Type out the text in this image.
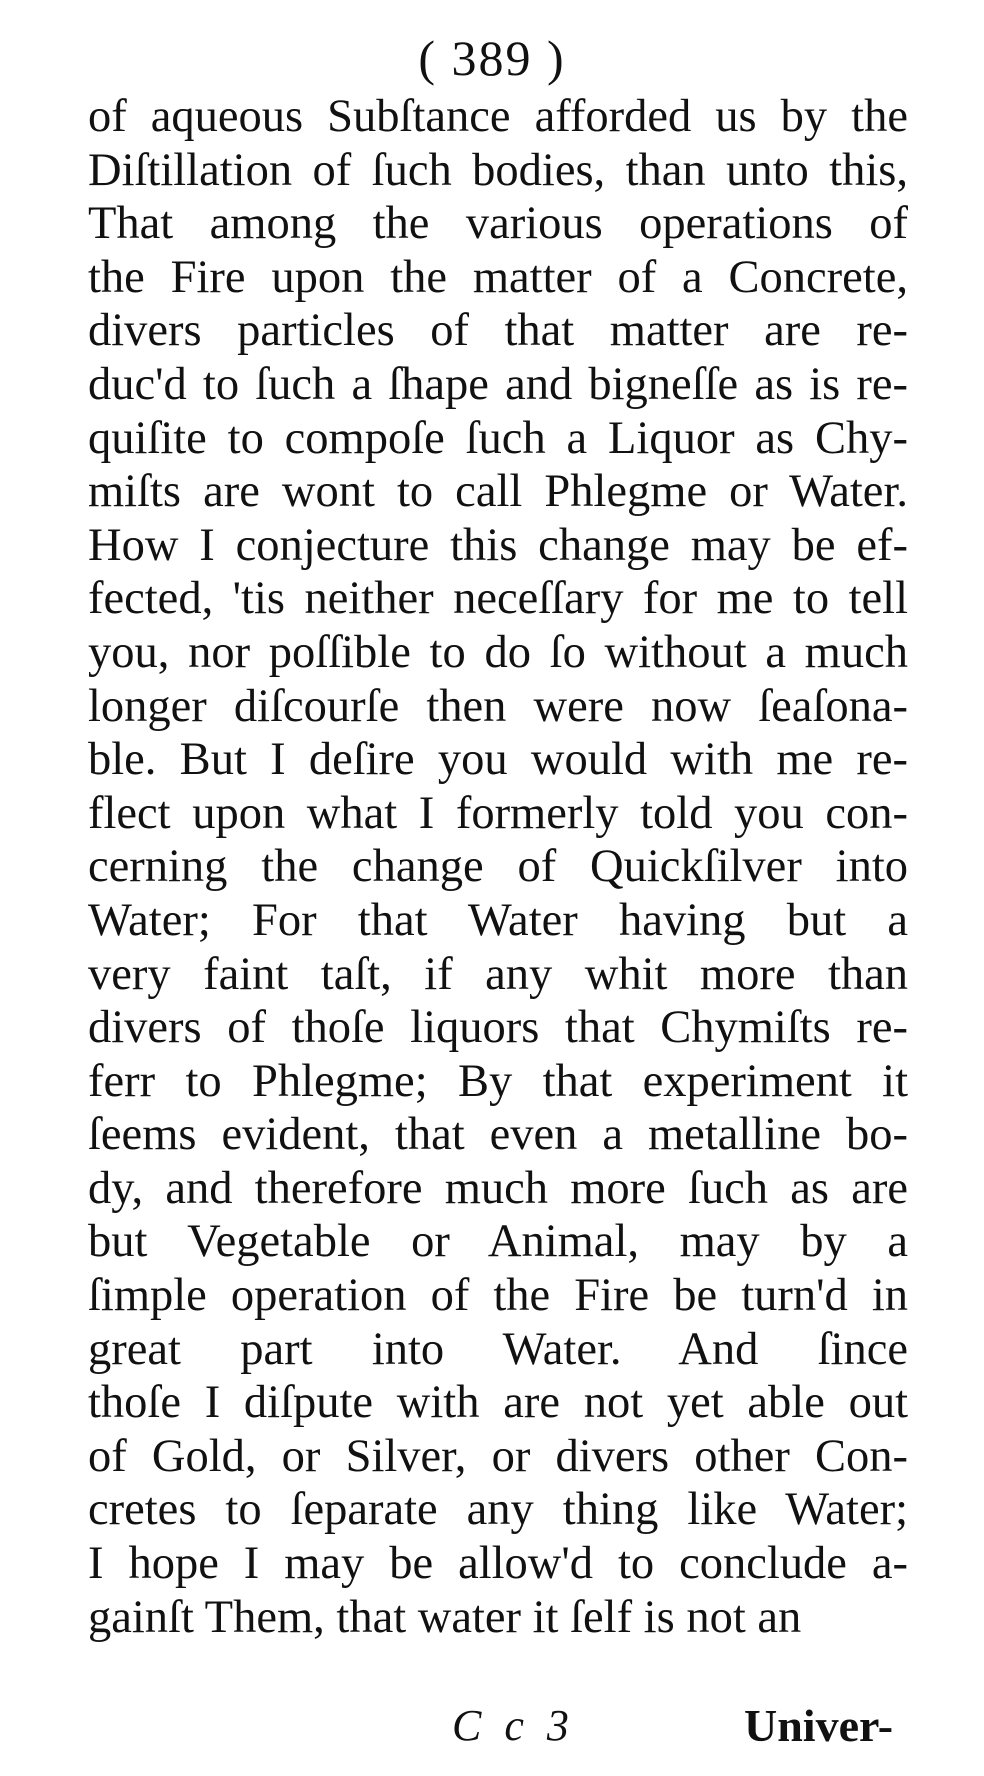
( 389 )
of aqueous Subſtance afforded us by the
Diſtillation of ſuch bodies, than unto this,
That among the various operations of
the Fire upon the matter of a Concrete,
divers particles of that matter are re-
duc'd to ſuch a ſhape and bigneſſe as is re-
quiſite to compoſe ſuch a Liquor as Chy-
miſts are wont to call Phlegme or Water.
How I conjecture this change may be ef-
fected, 'tis neither neceſſary for me to tell
you, nor poſſible to do ſo without a much
longer diſcourſe then were now ſeaſona-
ble. But I deſire you would with me re-
flect upon what I formerly told you con-
cerning the change of Quickſilver into
Water; For that Water having but a
very faint taſt, if any whit more than
divers of thoſe liquors that Chymiſts re-
ferr to Phlegme; By that experiment it
ſeems evident, that even a metalline bo-
dy, and therefore much more ſuch as are
but Vegetable or Animal, may by a
ſimple operation of the Fire be turn'd in
great part into Water. And ſince
thoſe I diſpute with are not yet able out
of Gold, or Silver, or divers other Con-
cretes to ſeparate any thing like Water;
I hope I may be allow'd to conclude a-
gainſt Them, that water it ſelf is not an
C c 3	Univer-
